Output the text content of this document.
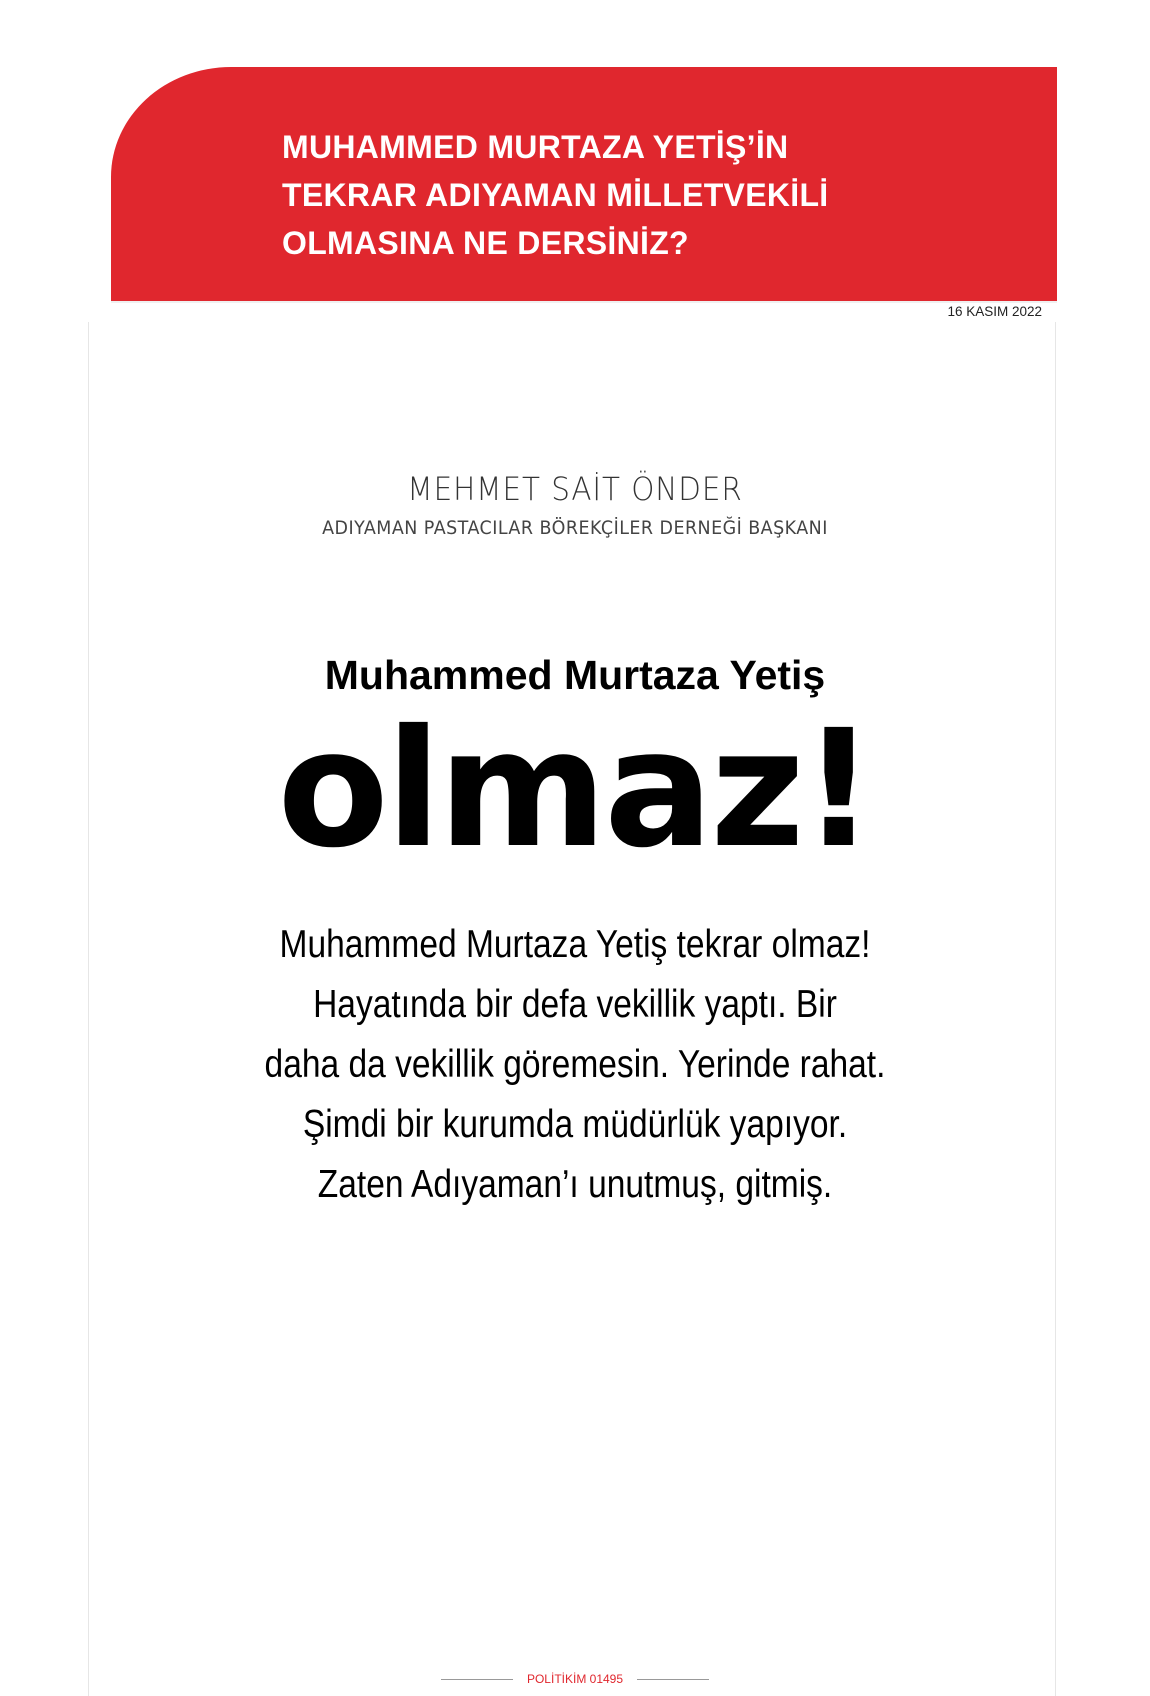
MUHAMMED MURTAZA YETİŞ’İN
TEKRAR ADIYAMAN MİLLETVEKİLİ
OLMASINA NE DERSİNİZ?
16 KASIM 2022
MEHMET SAİT ÖNDER
ADIYAMAN PASTACILAR BÖREKÇİLER DERNEĞİ BAŞKANI
Muhammed Murtaza Yetiş
olmaz!
Muhammed Murtaza Yetiş tekrar olmaz!
Hayatında bir defa vekillik yaptı. Bir
daha da vekillik göremesin. Yerinde rahat.
Şimdi bir kurumda müdürlük yapıyor.
Zaten Adıyaman’ı unutmuş, gitmiş.
POLİTİKİM 01495
